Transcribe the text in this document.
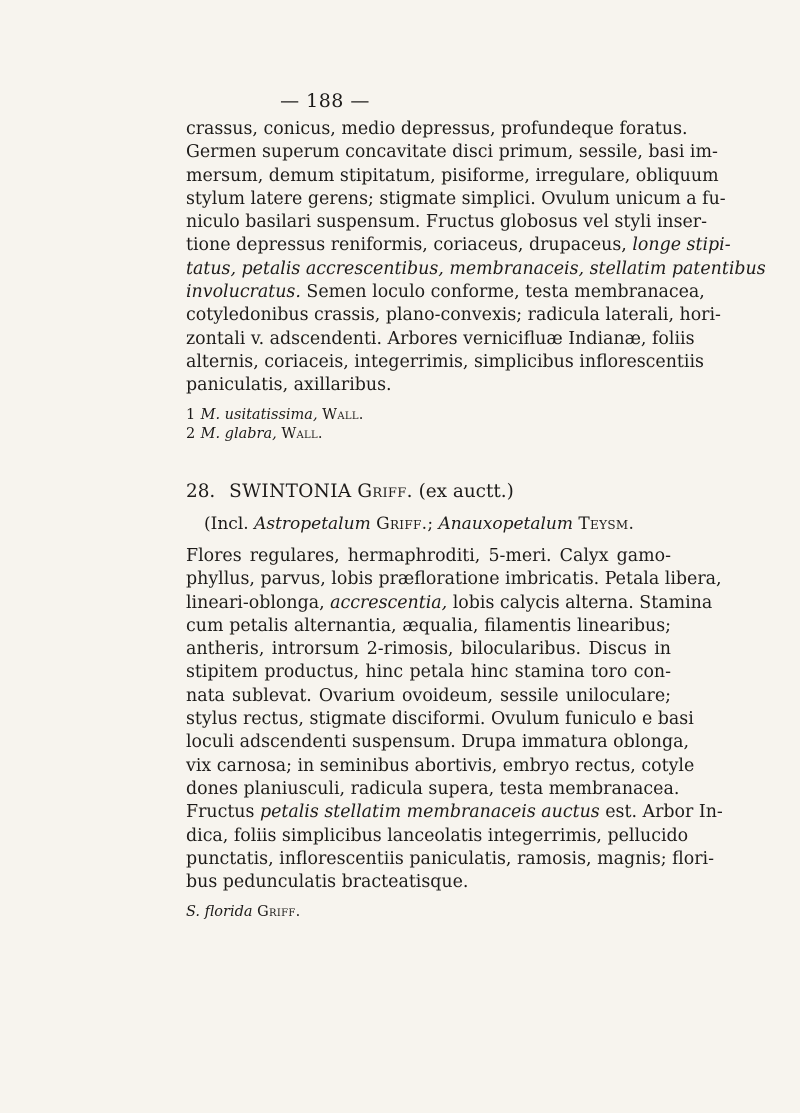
— 188 —
crassus, conicus, medio depressus, profundeque foratus.
Germen superum concavitate disci primum, sessile, basi im-
mersum, demum stipitatum, pisiforme, irregulare, obliquum
stylum latere gerens; stigmate simplici. Ovulum unicum a fu-
niculo basilari suspensum. Fructus globosus vel styli inser-
tione depressus reniformis, coriaceus, drupaceus, longe stipi-
tatus, petalis accrescentibus, membranaceis, stellatim patentibus
involucratus. Semen loculo conforme, testa membranacea,
cotyledonibus crassis, plano-convexis; radicula laterali, hori-
zontali v. adscendenti. Arbores vernicifluæ Indianæ, foliis
alternis, coriaceis, integerrimis, simplicibus inflorescentiis
paniculatis, axillaribus.
1 M. usitatissima, Wall.
2 M. glabra, Wall.

28. SWINTONIA Griff. (ex auctt.)

(Incl. Astropetalum Griff.; Anauxopetalum Teysm.

Flores regulares, hermaphroditi, 5-meri. Calyx gamo-
phyllus, parvus, lobis præfloratione imbricatis. Petala libera,
lineari-oblonga, accrescentia, lobis calycis alterna. Stamina
cum petalis alternantia, æqualia, filamentis linearibus;
antheris, introrsum 2-rimosis, bilocularibus. Discus in
stipitem productus, hinc petala hinc stamina toro con-
nata sublevat. Ovarium ovoideum, sessile uniloculare;
stylus rectus, stigmate disciformi. Ovulum funiculo e basi
loculi adscendenti suspensum. Drupa immatura oblonga,
vix carnosa; in seminibus abortivis, embryo rectus, cotyle
dones planiusculi, radicula supera, testa membranacea.
Fructus petalis stellatim membranaceis auctus est. Arbor In-
dica, foliis simplicibus lanceolatis integerrimis, pellucido
punctatis, inflorescentiis paniculatis, ramosis, magnis; flori-
bus pedunculatis bracteatisque.
S. florida Griff.
